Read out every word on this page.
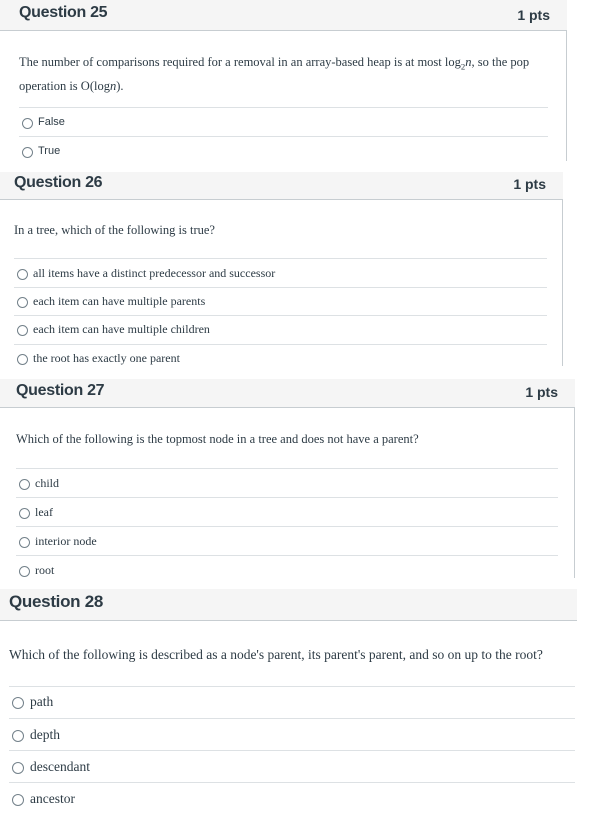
Question 25	1 pts
The number of comparisons required for a removal in an array-based heap is at most $\log_2n$, so the pop
operation is O(logn).
False
True
Question 26	1 pts
In a tree, which of the following is true?
all items have a distinct predecessor and successor
each item can have multiple parents
each item can have multiple children
the root has exactly one parent
Question 27	1 pts
Which of the following is the topmost node in a tree and does not have a parent?
child
leaf
interior node
root
Question 28
Which of the following is described as a node's parent, its parent's parent, and so on up to the root?
path
depth
descendant
ancestor
